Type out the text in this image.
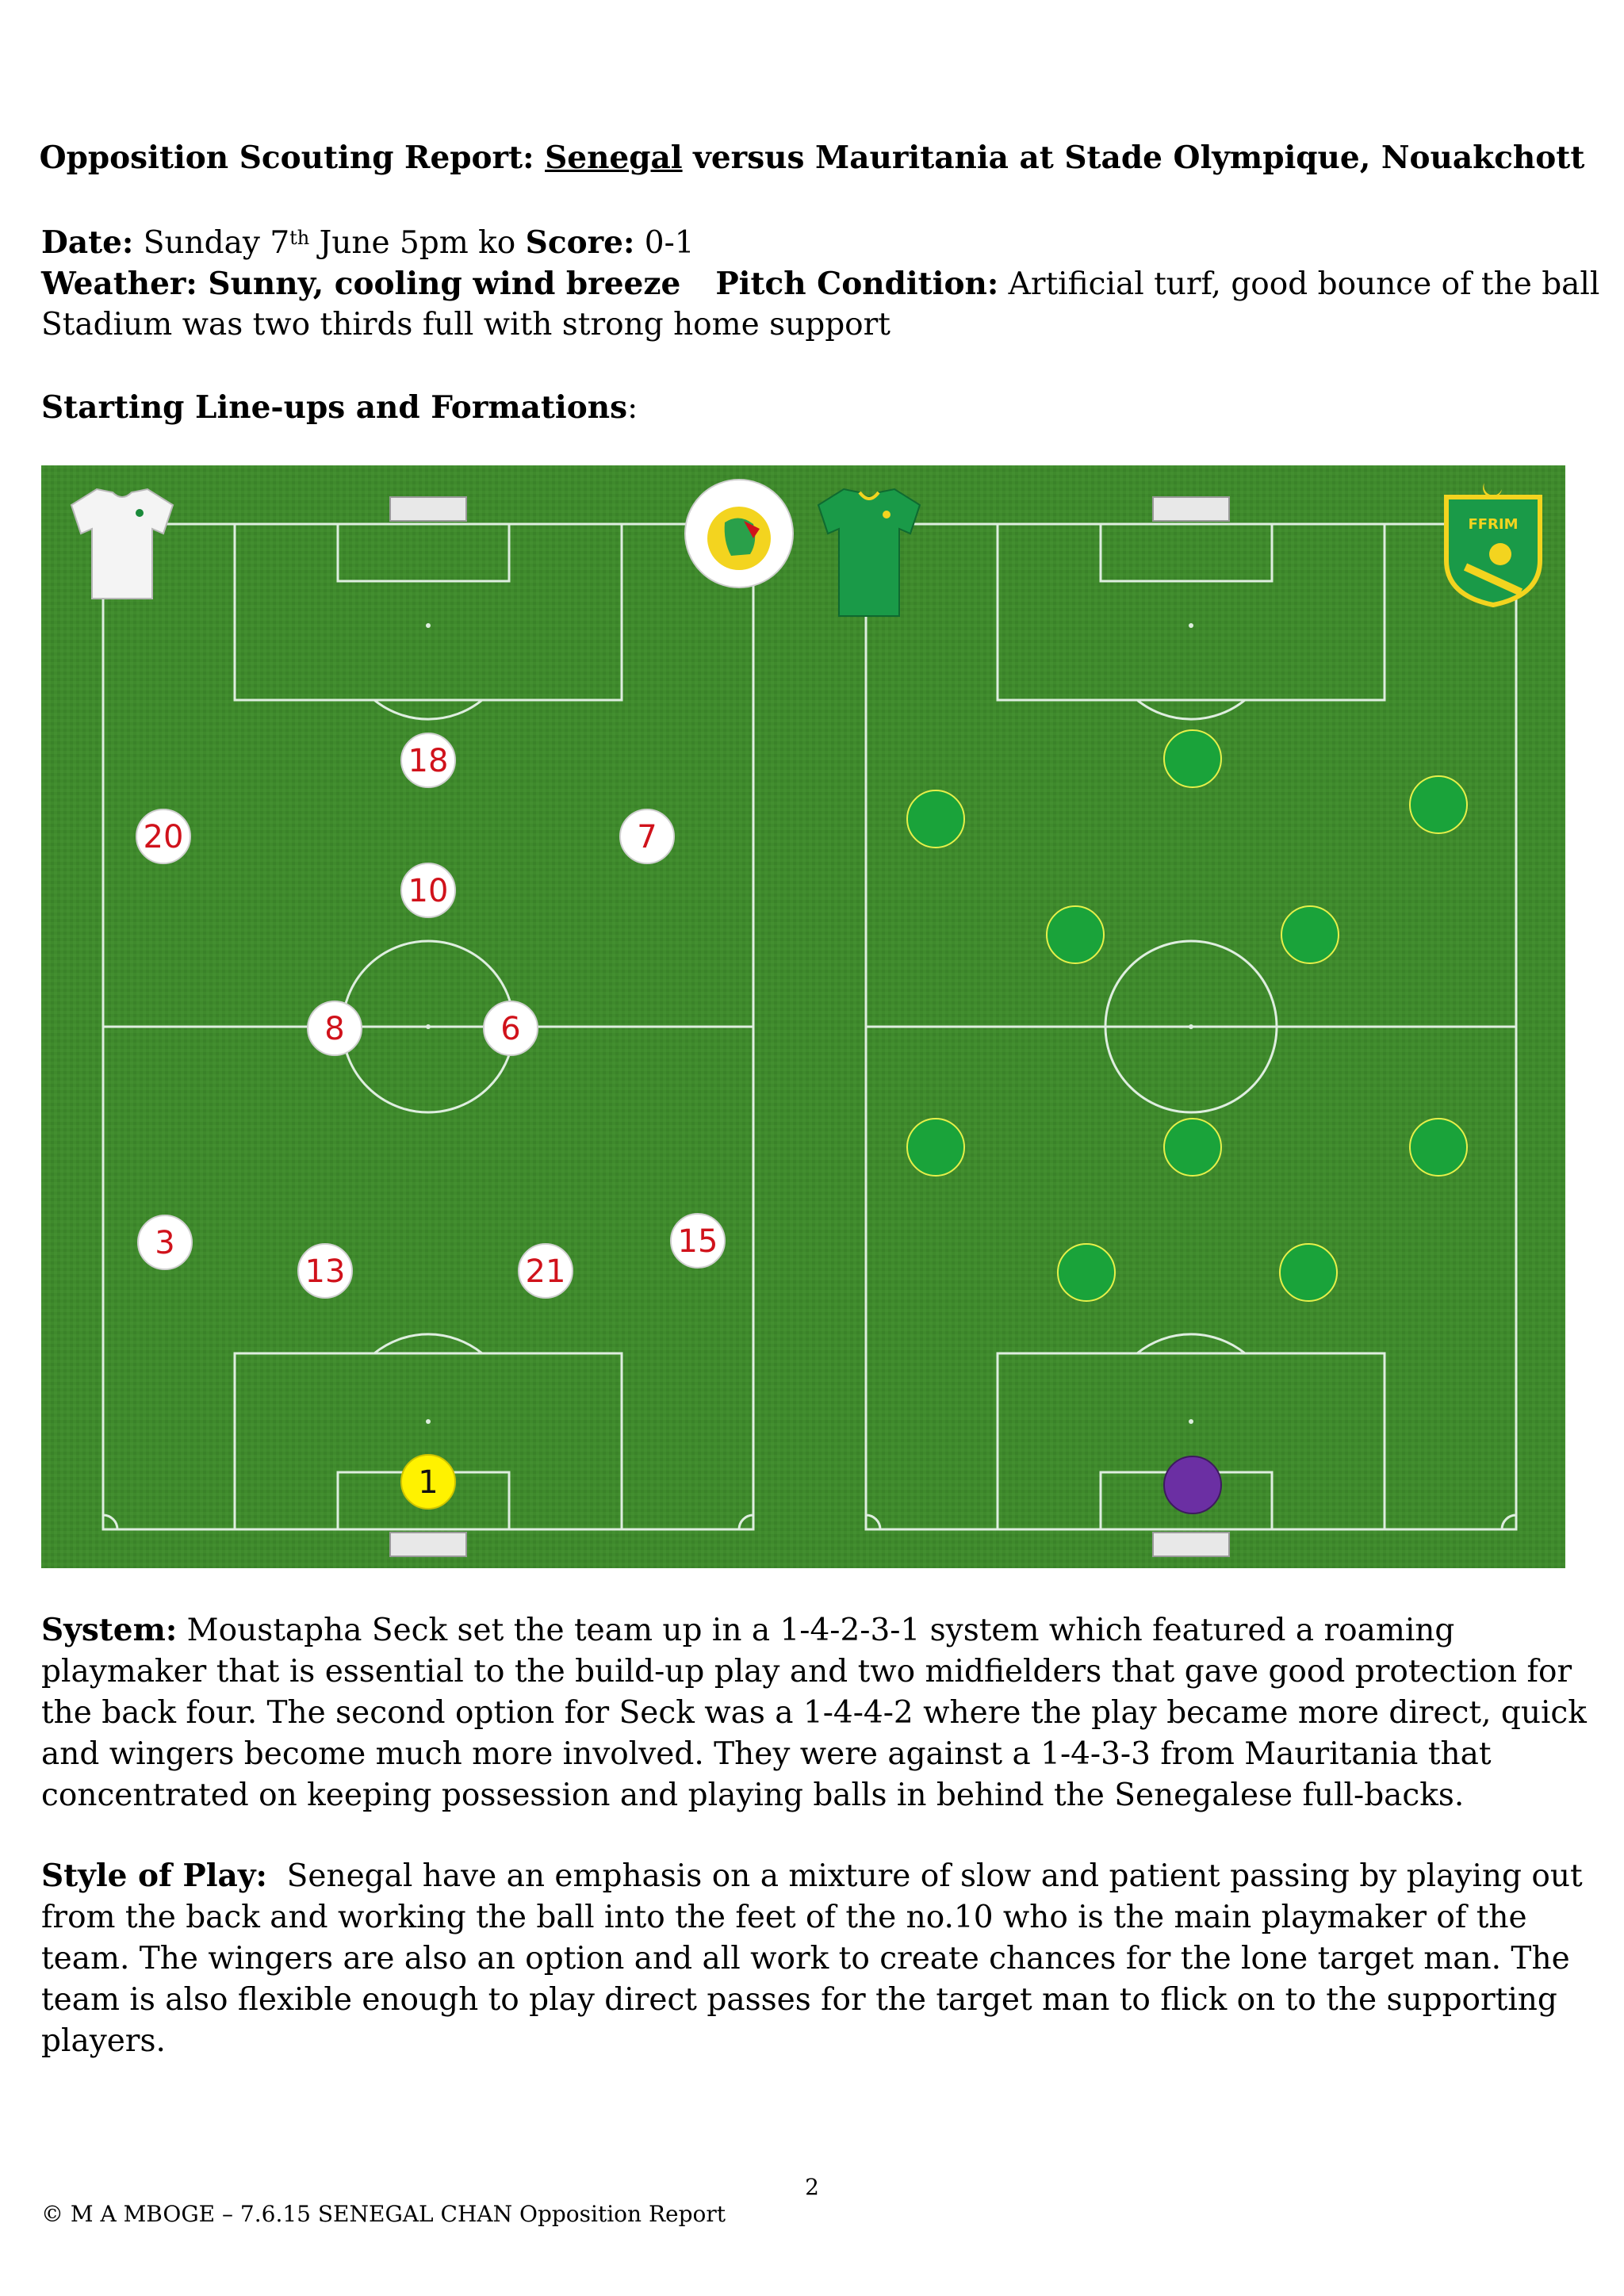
Opposition Scouting Report: Senegal versus Mauritania at Stade Olympique, Nouakchott
Date: Sunday 7th June 5pm ko Score: 0-1
Weather: Sunny, cooling wind breeze Pitch Condition: Artificial turf, good bounce of the ball
Stadium was two thirds full with strong home support
Starting Line-ups and Formations:
FFRIM
18
20	7
10
8	6
3	15
13	21
1
System: Moustapha Seck set the team up in a 1-4-2-3-1 system which featured a roaming playmaker that is essential to the build-up play and two midfielders that gave good protection for the back four. The second option for Seck was a 1-4-4-2 where the play became more direct, quick and wingers become much more involved. They were against a 1-4-3-3 from Mauritania that concentrated on keeping possession and playing balls in behind the Senegalese full-backs.
Style of Play:  Senegal have an emphasis on a mixture of slow and patient passing by playing out from the back and working the ball into the feet of the no.10 who is the main playmaker of the team. The wingers are also an option and all work to create chances for the lone target man. The team is also flexible enough to play direct passes for the target man to flick on to the supporting players.
2
© M A MBOGE – 7.6.15 SENEGAL CHAN Opposition Report
